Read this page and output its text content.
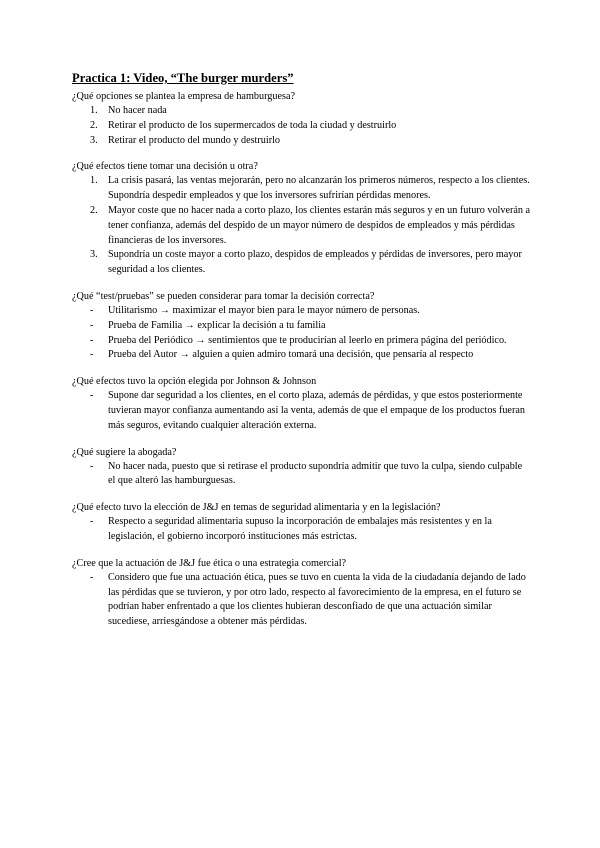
Practica 1: Video, “The burger murders”

¿Qué opciones se plantea la empresa de hamburguesa?

1. No hacer nada
2. Retirar el producto de los supermercados de toda la ciudad y destruirlo
3. Retirar el producto del mundo y destruirlo

¿Qué efectos tiene tomar una decisión u otra?

1. La crisis pasará, las ventas mejorarán, pero no alcanzarán los primeros números, respecto a los clientes. Supondría despedir empleados y que los inversores sufrirían pérdidas menores.
2. Mayor coste que no hacer nada a corto plazo, los clientes estarán más seguros y en un futuro volverán a tener confianza, además del despido de un mayor número de despidos de empleados y más pérdidas financieras de los inversores.
3. Supondría un coste mayor a corto plazo, despidos de empleados y pérdidas de inversores, pero mayor seguridad a los clientes.

¿Qué “test/pruebas” se pueden considerar para tomar la decisión correcta?

- Utilitarismo → maximizar el mayor bien para le mayor número de personas.
- Prueba de Familia → explicar la decisión a tu familia
- Prueba del Periódico → sentimientos que te producirían al leerlo en primera página del periódico.
- Prueba del Autor → alguien a quien admiro tomará una decisión, que pensaría al respecto

¿Qué efectos tuvo la opción elegida por Johnson & Johnson

- Supone dar seguridad a los clientes, en el corto plaza, además de pérdidas, y que estos posteriormente tuvieran mayor confianza aumentando así la venta, además de que el empaque de los productos fueran más seguros, evitando cualquier alteración externa.

¿Qué sugiere la abogada?

- No hacer nada, puesto que si retirase el producto supondría admitir que tuvo la culpa, siendo culpable el que alteró las hamburguesas.

¿Qué efecto tuvo la elección de J&J en temas de seguridad alimentaria y en la legislación?

- Respecto a seguridad alimentaria supuso la incorporación de embalajes más resistentes y en la legislación, el gobierno incorporó instituciones más estrictas.

¿Cree que la actuación de J&J fue ética o una estrategia comercial?

- Considero que fue una actuación ética, pues se tuvo en cuenta la vida de la ciudadanía dejando de lado las pérdidas que se tuvieron, y por otro lado, respecto al favorecimiento de la empresa, en el futuro se podrían haber enfrentado a que los clientes hubieran desconfiado de que una actuación similar sucediese, arriesgándose a obtener más pérdidas.
